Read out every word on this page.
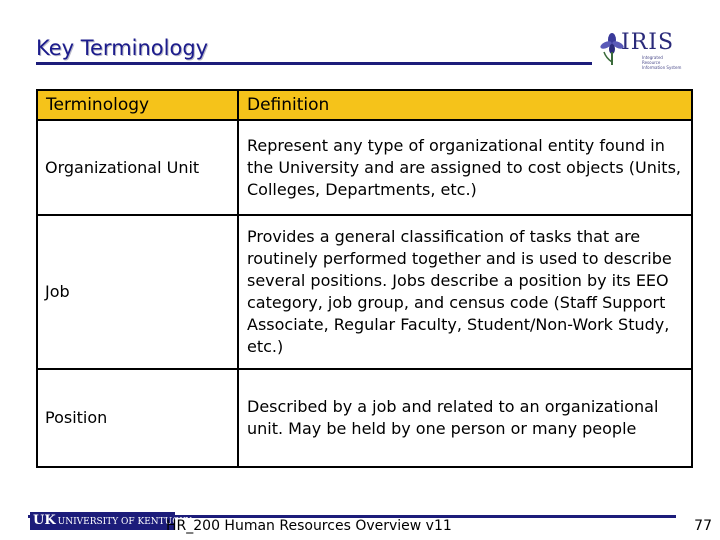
Key Terminology	IRIS
Integrated Resource Information System
Terminology	Definition
Organizational Unit	Represent any type of organizational entity found in the University and are assigned to cost objects (Units, Colleges, Departments, etc.)
Job	Provides a general classification of tasks that are routinely performed together and is used to describe several positions. Jobs describe a position by its EEO category, job group, and census code (Staff Support Associate, Regular Faculty, Student/Non-Work Study, etc.)
Position	Described by a job and related to an organizational unit. May be held by one person or many people
UK UNIVERSITY OF KENTUCKY
HR_200 Human Resources Overview v11	77
